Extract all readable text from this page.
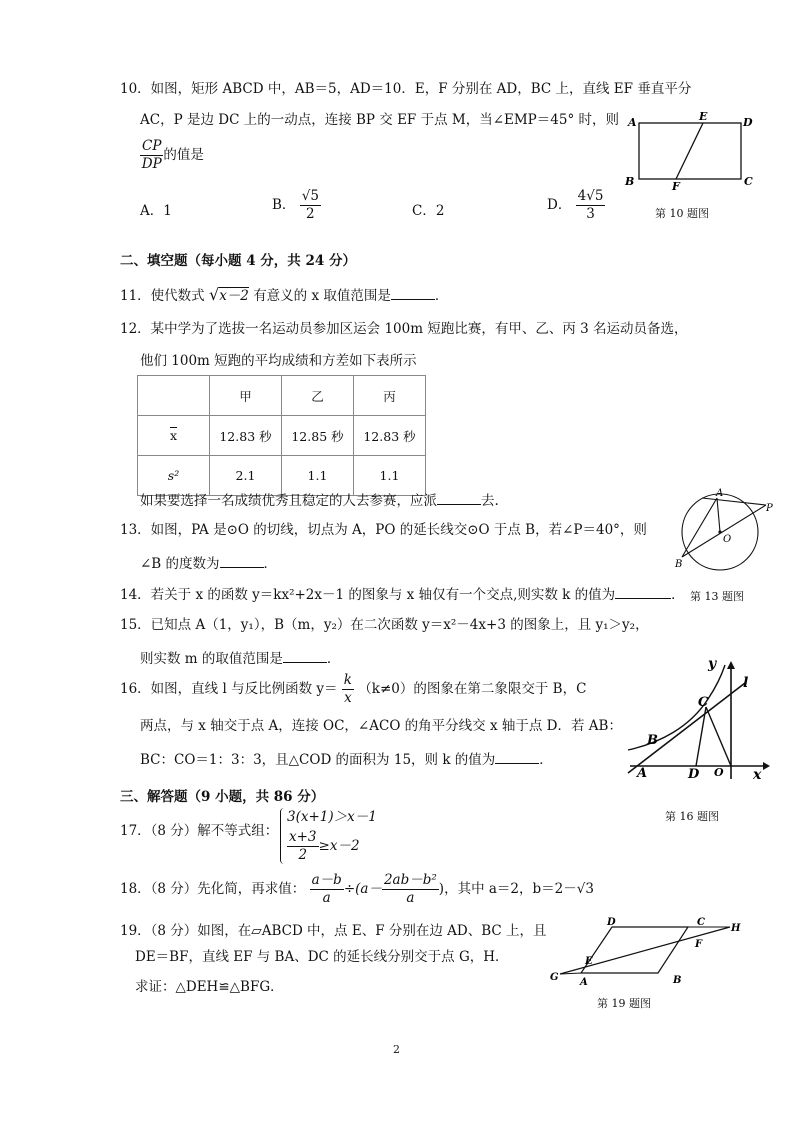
10．如图，矩形 ABCD 中，AB＝5，AD＝10．E，F 分别在 AD，BC 上，直线 EF 垂直平分
AC，P 是边 DC 上的一动点，连接 BP 交 EF 于点 M，当∠EMP＝45° 时，则
$\frac{CP}{DP}$ 的值是
A．1	B． $\frac{√5}{2}$	C．2	D． $\frac{4√5}{3}$
A	E	D
B	F	C
第 10 题图
二、填空题（每小题 4 分，共 24 分）
11．使代数式 √x－2 有意义的 x 取值范围是	．
12．某中学为了选拔一名运动员参加区运会 100m 短跑比赛，有甲、乙、丙 3 名运动员备选，
他们 100m 短跑的平均成绩和方差如下表所示
	甲	乙	丙
$\overline{x}$	12.83 秒	12.85 秒	12.83 秒
s²	2.1	1.1	1.1
如果要选择一名成绩优秀且稳定的人去参赛，应派	去.
13．如图，PA 是⊙O 的切线，切点为 A，PO 的延长线交⊙O 于点 B，若∠P＝40°，则
∠B 的度数为	．
A
P
O
B
第 13 题图
14．若关于 x 的函数 y＝kx²+2x－1 的图象与 x 轴仅有一个交点,则实数 k 的值为	．
15．已知点 A（1，y₁），B（m，y₂）在二次函数 y＝x²－4x+3 的图象上，且 y₁＞y₂，
则实数 m 的取值范围是	．
16．如图，直线 l 与反比例函数 $y= \frac{k}{x} (k\ne 0)$的图象在第二象限交于 B，C
两点，与 x 轴交于点 A，连接 OC，∠ACO 的角平分线交 x 轴于点 D．若 AB：
BC：CO＝1：3：3，且△COD 的面积为 15，则 k 的值为	．
y
l
C
B
A	D O x
第 16 题图
三、解答题（9 小题，共 86 分）
17．（8 分）解不等式组：
3(x+1)＞x－1
$\frac{x+3}{2} \ge x-2$
18．（8 分）先化简，再求值： $\frac{a-b}{a} \div(a- \frac{\text{2ab－b²}}{a}$ )，其中 a＝2，b＝2－√3
19．（8 分）如图，在▱ABCD 中，点 E、F 分别在边 AD、BC 上，且
DE＝BF，直线 EF 与 BA、DC 的延长线分别交于点 G，H．
求证：△DEH≌△BFG．
D	C
H
F
E
G A	B
第 19 题图
2
